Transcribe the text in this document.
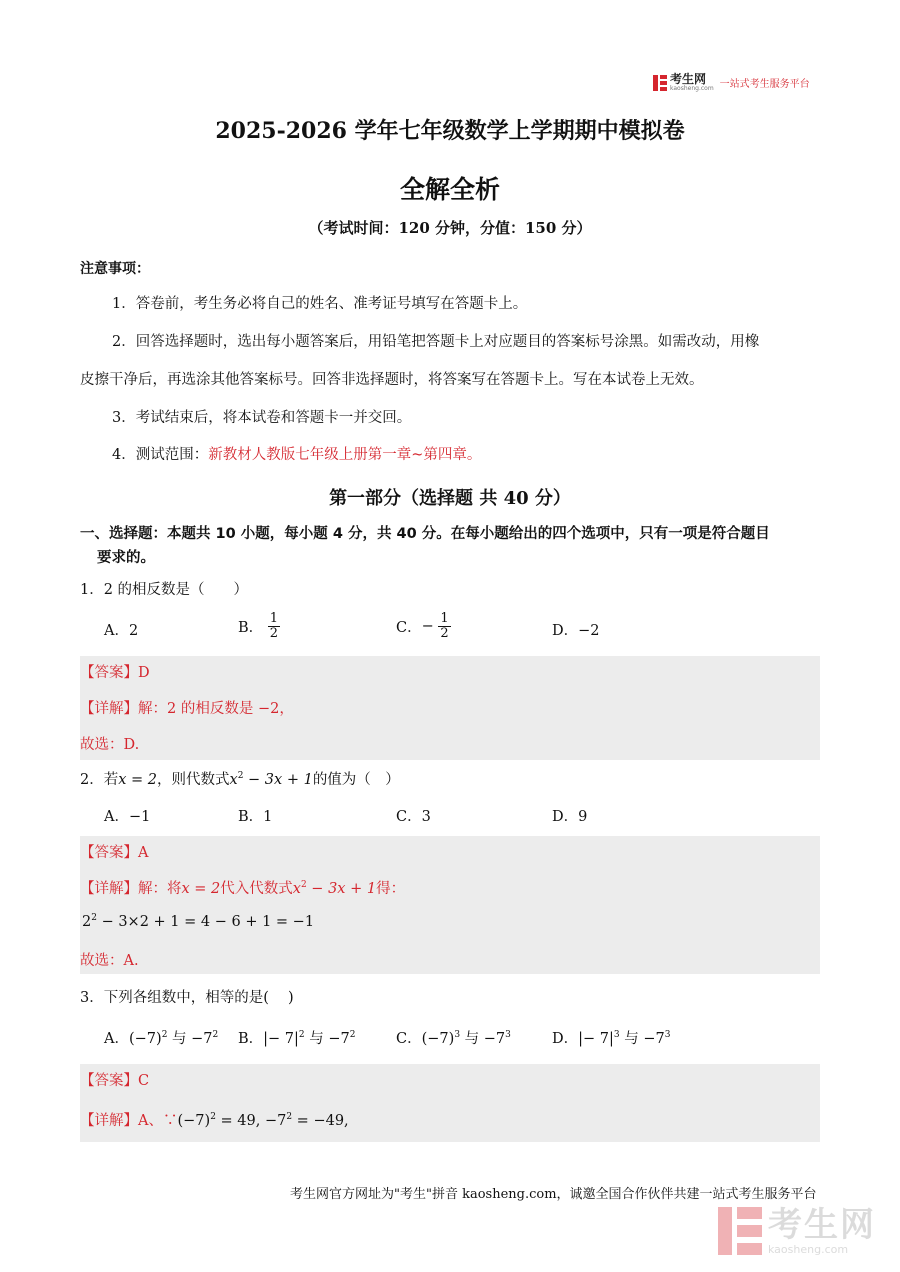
考生网
kaosheng.com 一站式考生服务平台
2025-2026 学年七年级数学上学期期中模拟卷
全解全析
（考试时间：120 分钟，分值：150 分）
注意事项：
1．答卷前，考生务必将自己的姓名、准考证号填写在答题卡上。
2．回答选择题时，选出每小题答案后，用铅笔把答题卡上对应题目的答案标号涂黑。如需改动，用橡
皮擦干净后，再选涂其他答案标号。回答非选择题时，将答案写在答题卡上。写在本试卷上无效。
3．考试结束后，将本试卷和答题卡一并交回。
4．测试范围：新教材人教版七年级上册第一章~第四章。
第一部分（选择题 共 40 分）
一、选择题：本题共 10 小题，每小题 4 分，共 40 分。在每小题给出的四个选项中，只有一项是符合题目
要求的。
1．2 的相反数是（　　）
A．2	B． $\frac{1}{2}$	C．− $\frac{1}{2}$	D．−2
【答案】D
【详解】解：2 的相反数是 −2，
故选：D.
2．若x = 2，则代数式$x^2 - 3x + 1$的值为（　）
A．−1	B．1	C．3	D．9
【答案】A
【详解】解：将x = 2代入代数式$x^2 - 3x + 1$得：
$2^2 - 3\times 2 + 1 = 4 - 6 + 1 = -1$
故选：A.
3．下列各组数中，相等的是(　 )
A．$(-7)^2$ 与 $-7^2$ B．|− $7|^2$ 与 $-7^2$	C．$(-7)^3$ 与 $-7^3$	D．|− $7|^3$ 与 $-7^3$
【答案】C
【详解】A、$\because(-7)^2 = 49$, $-7^2 = -49$,
考生网官方网址为"考生"拼音 kaosheng.com，诚邀全国合作伙伴共建一站式考生服务平台
考生网
kaosheng.com
